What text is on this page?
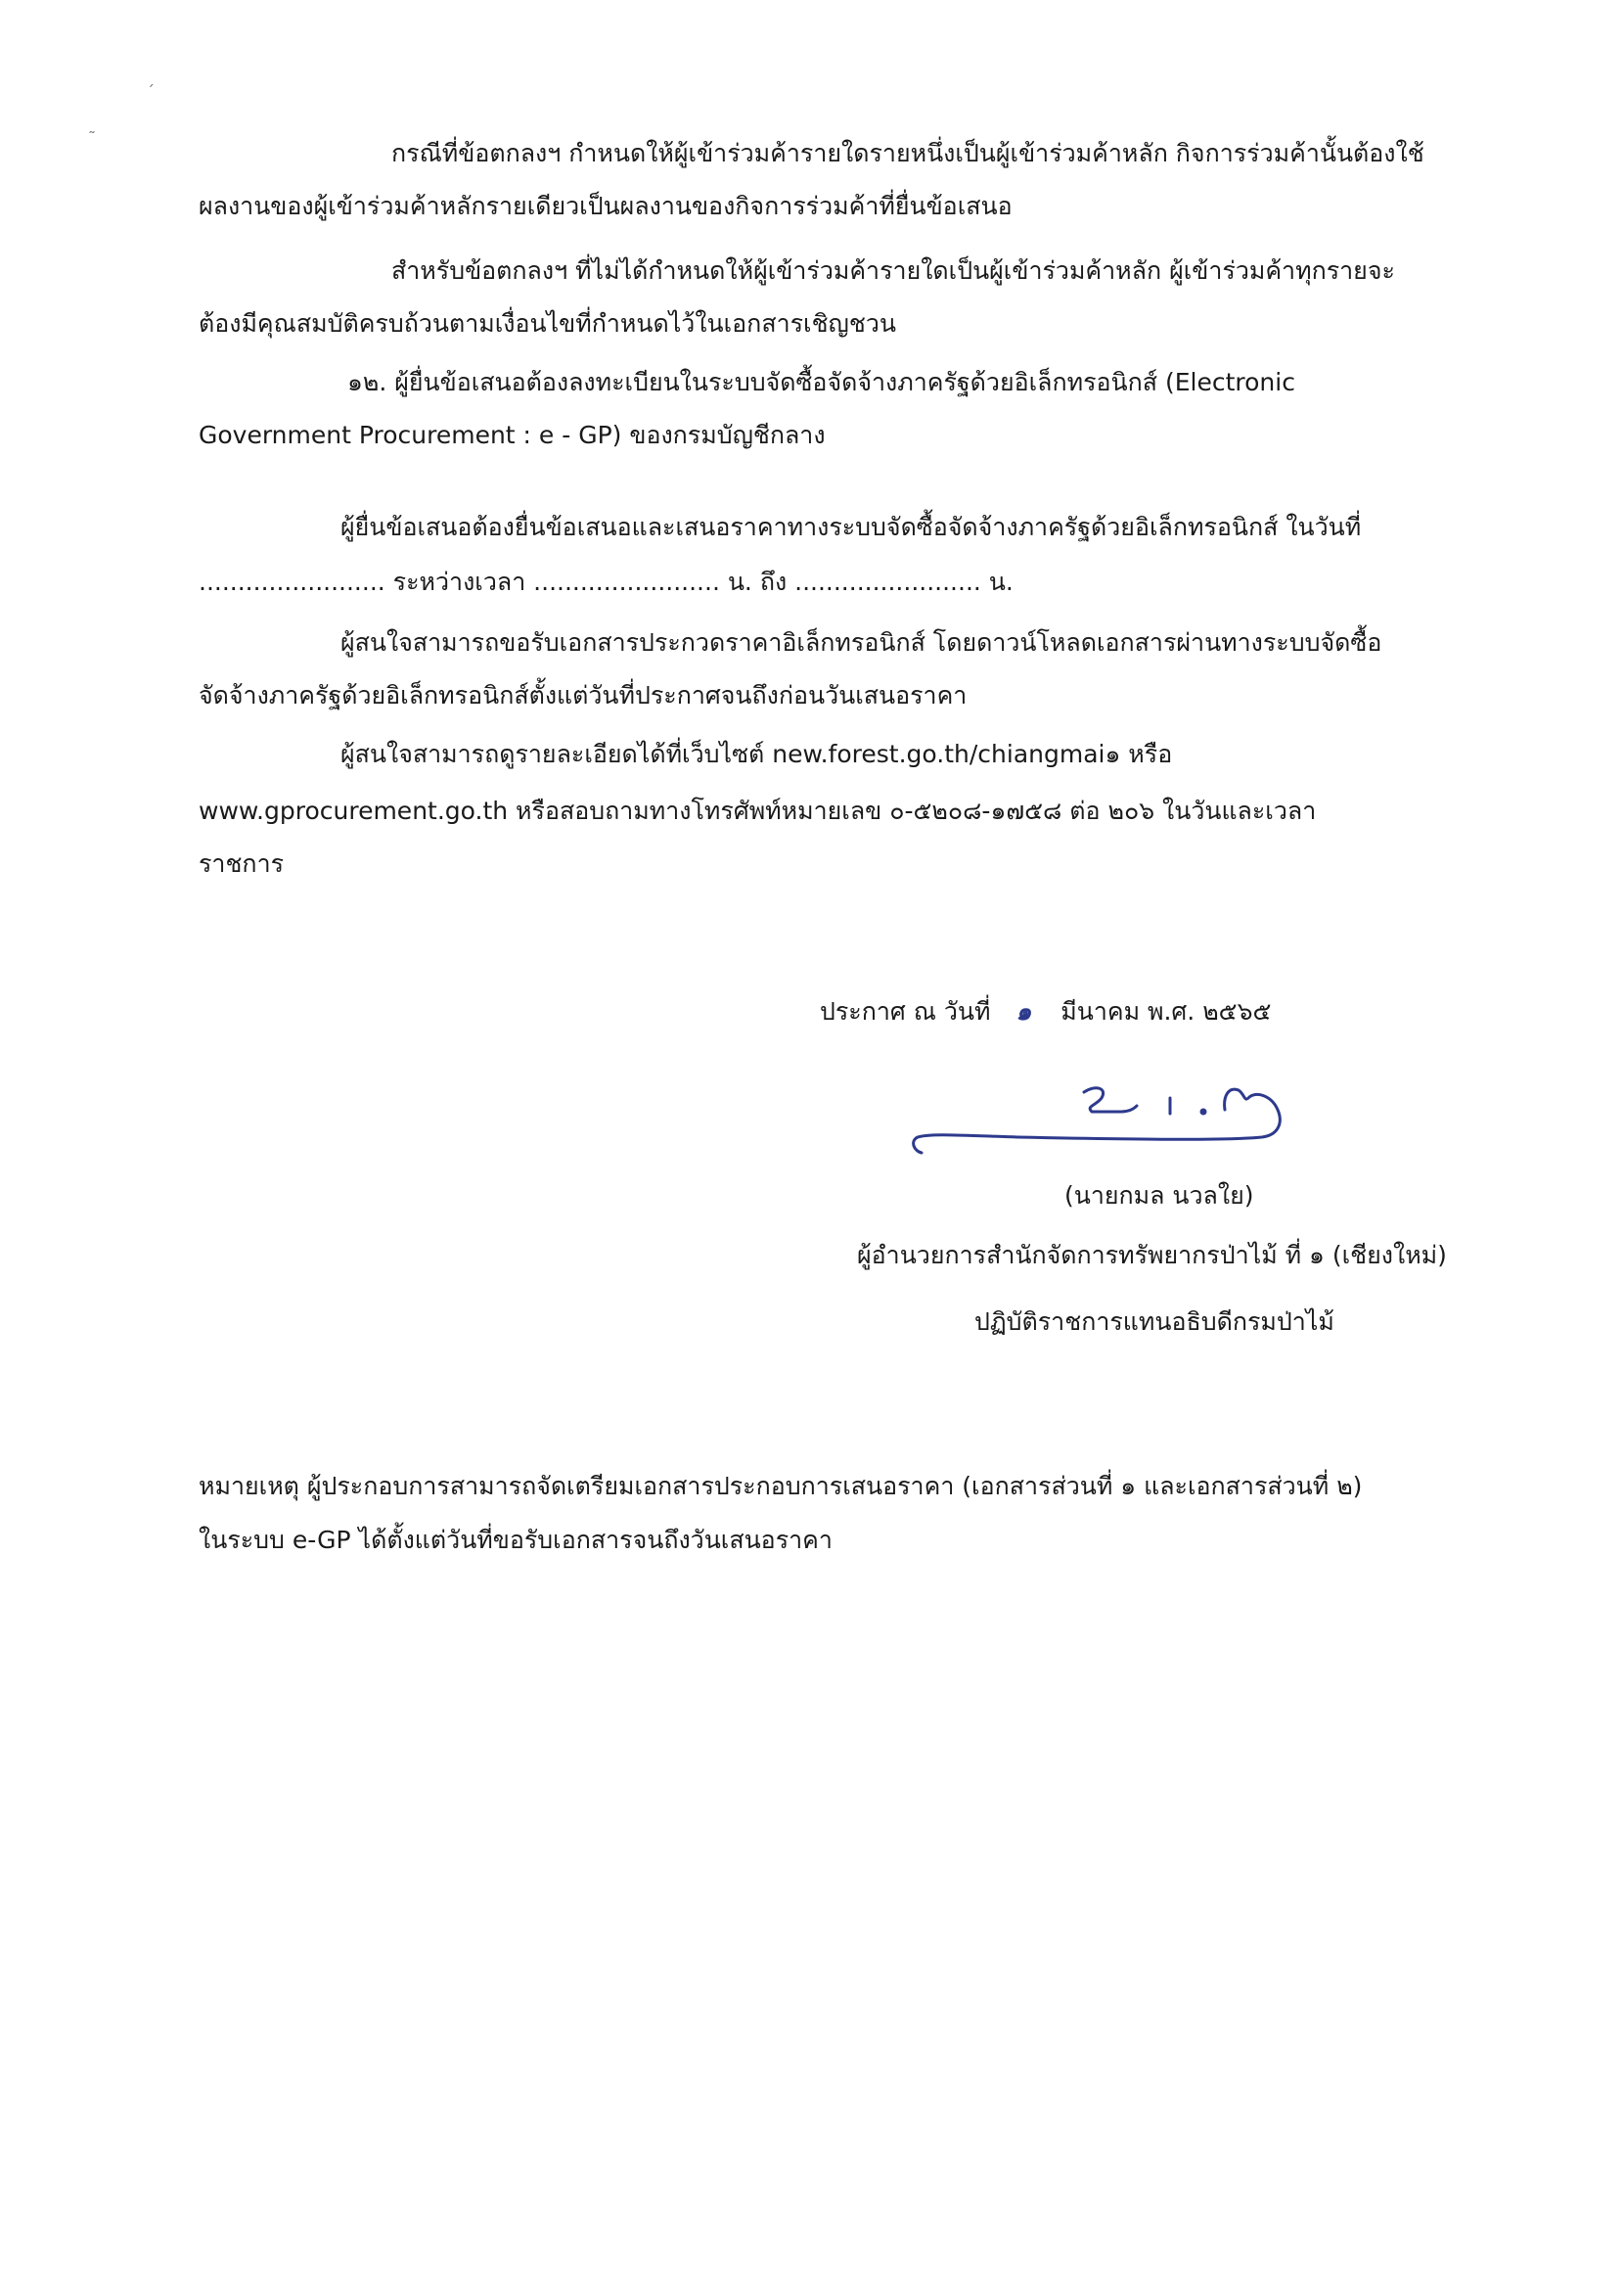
ˊ
˷
กรณีที่ข้อตกลงฯ กำหนดให้ผู้เข้าร่วมค้ารายใดรายหนึ่งเป็นผู้เข้าร่วมค้าหลัก กิจการร่วมค้านั้นต้องใช้
ผลงานของผู้เข้าร่วมค้าหลักรายเดียวเป็นผลงานของกิจการร่วมค้าที่ยื่นข้อเสนอ
สำหรับข้อตกลงฯ ที่ไม่ได้กำหนดให้ผู้เข้าร่วมค้ารายใดเป็นผู้เข้าร่วมค้าหลัก ผู้เข้าร่วมค้าทุกรายจะ
ต้องมีคุณสมบัติครบถ้วนตามเงื่อนไขที่กำหนดไว้ในเอกสารเชิญชวน
๑๒. ผู้ยื่นข้อเสนอต้องลงทะเบียนในระบบจัดซื้อจัดจ้างภาครัฐด้วยอิเล็กทรอนิกส์ (Electronic
Government Procurement : e - GP) ของกรมบัญชีกลาง
ผู้ยื่นข้อเสนอต้องยื่นข้อเสนอและเสนอราคาทางระบบจัดซื้อจัดจ้างภาครัฐด้วยอิเล็กทรอนิกส์ ในวันที่
........................ ระหว่างเวลา ........................ น. ถึง ........................ น.
ผู้สนใจสามารถขอรับเอกสารประกวดราคาอิเล็กทรอนิกส์ โดยดาวน์โหลดเอกสารผ่านทางระบบจัดซื้อ
จัดจ้างภาครัฐด้วยอิเล็กทรอนิกส์ตั้งแต่วันที่ประกาศจนถึงก่อนวันเสนอราคา
ผู้สนใจสามารถดูรายละเอียดได้ที่เว็บไซต์ new.forest.go.th/chiangmai๑ หรือ
www.gprocurement.go.th หรือสอบถามทางโทรศัพท์หมายเลข ๐-๕๒๐๘-๑๗๕๘ ต่อ ๒๐๖ ในวันและเวลา
ราชการ
ประกาศ ณ วันที่ ๑ มีนาคม พ.ศ. ๒๕๖๕
(นายกมล นวลใย)
ผู้อำนวยการสำนักจัดการทรัพยากรป่าไม้ ที่ ๑ (เชียงใหม่)
ปฏิบัติราชการแทนอธิบดีกรมป่าไม้
หมายเหตุ ผู้ประกอบการสามารถจัดเตรียมเอกสารประกอบการเสนอราคา (เอกสารส่วนที่ ๑ และเอกสารส่วนที่ ๒)
ในระบบ e-GP ได้ตั้งแต่วันที่ขอรับเอกสารจนถึงวันเสนอราคา
